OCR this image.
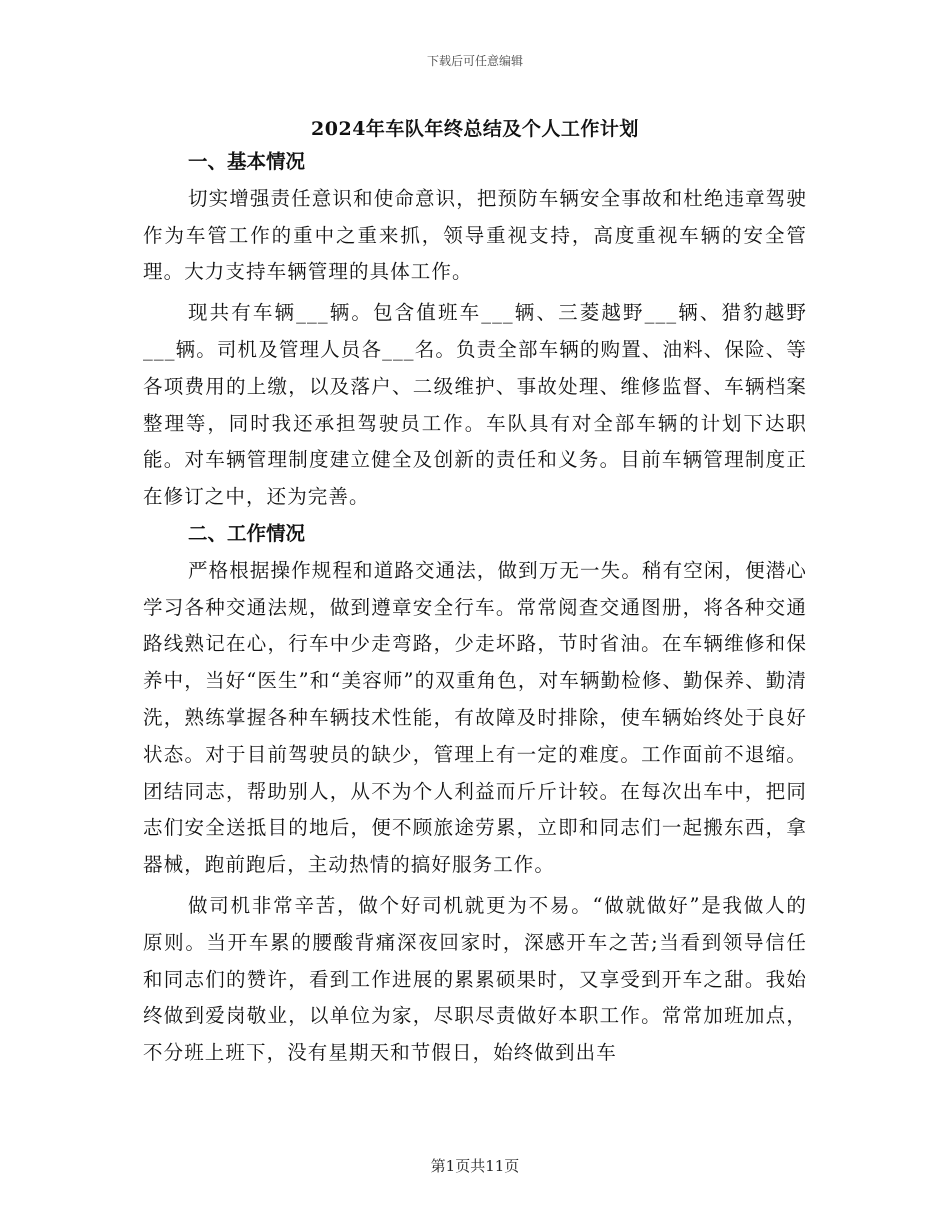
下载后可任意编辑
2024年车队年终总结及个人工作计划

一、基本情况

切实增强责任意识和使命意识，把预防车辆安全事故和杜绝违章驾驶作为车管工作的重中之重来抓，领导重视支持，高度重视车辆的安全管理。大力支持车辆管理的具体工作。

现共有车辆___辆。包含值班车___辆、三菱越野___辆、猎豹越野___辆。司机及管理人员各___名。负责全部车辆的购置、油料、保险、等各项费用的上缴，以及落户、二级维护、事故处理、维修监督、车辆档案整理等，同时我还承担驾驶员工作。车队具有对全部车辆的计划下达职能。对车辆管理制度建立健全及创新的责任和义务。目前车辆管理制度正在修订之中，还为完善。

二、工作情况

严格根据操作规程和道路交通法，做到万无一失。稍有空闲，便潜心学习各种交通法规，做到遵章安全行车。常常阅查交通图册，将各种交通路线熟记在心，行车中少走弯路，少走坏路，节时省油。在车辆维修和保养中，当好“医生”和“美容师”的双重角色，对车辆勤检修、勤保养、勤清洗，熟练掌握各种车辆技术性能，有故障及时排除，使车辆始终处于良好状态。对于目前驾驶员的缺少，管理上有一定的难度。工作面前不退缩。团结同志，帮助别人，从不为个人利益而斤斤计较。在每次出车中，把同志们安全送抵目的地后，便不顾旅途劳累，立即和同志们一起搬东西，拿器械，跑前跑后，主动热情的搞好服务工作。

做司机非常辛苦，做个好司机就更为不易。“做就做好”是我做人的原则。当开车累的腰酸背痛深夜回家时，深感开车之苦;当看到领导信任和同志们的赞许，看到工作进展的累累硕果时，又享受到开车之甜。我始终做到爱岗敬业，以单位为家，尽职尽责做好本职工作。常常加班加点，不分班上班下，没有星期天和节假日，始终做到出车

第1页共11页
